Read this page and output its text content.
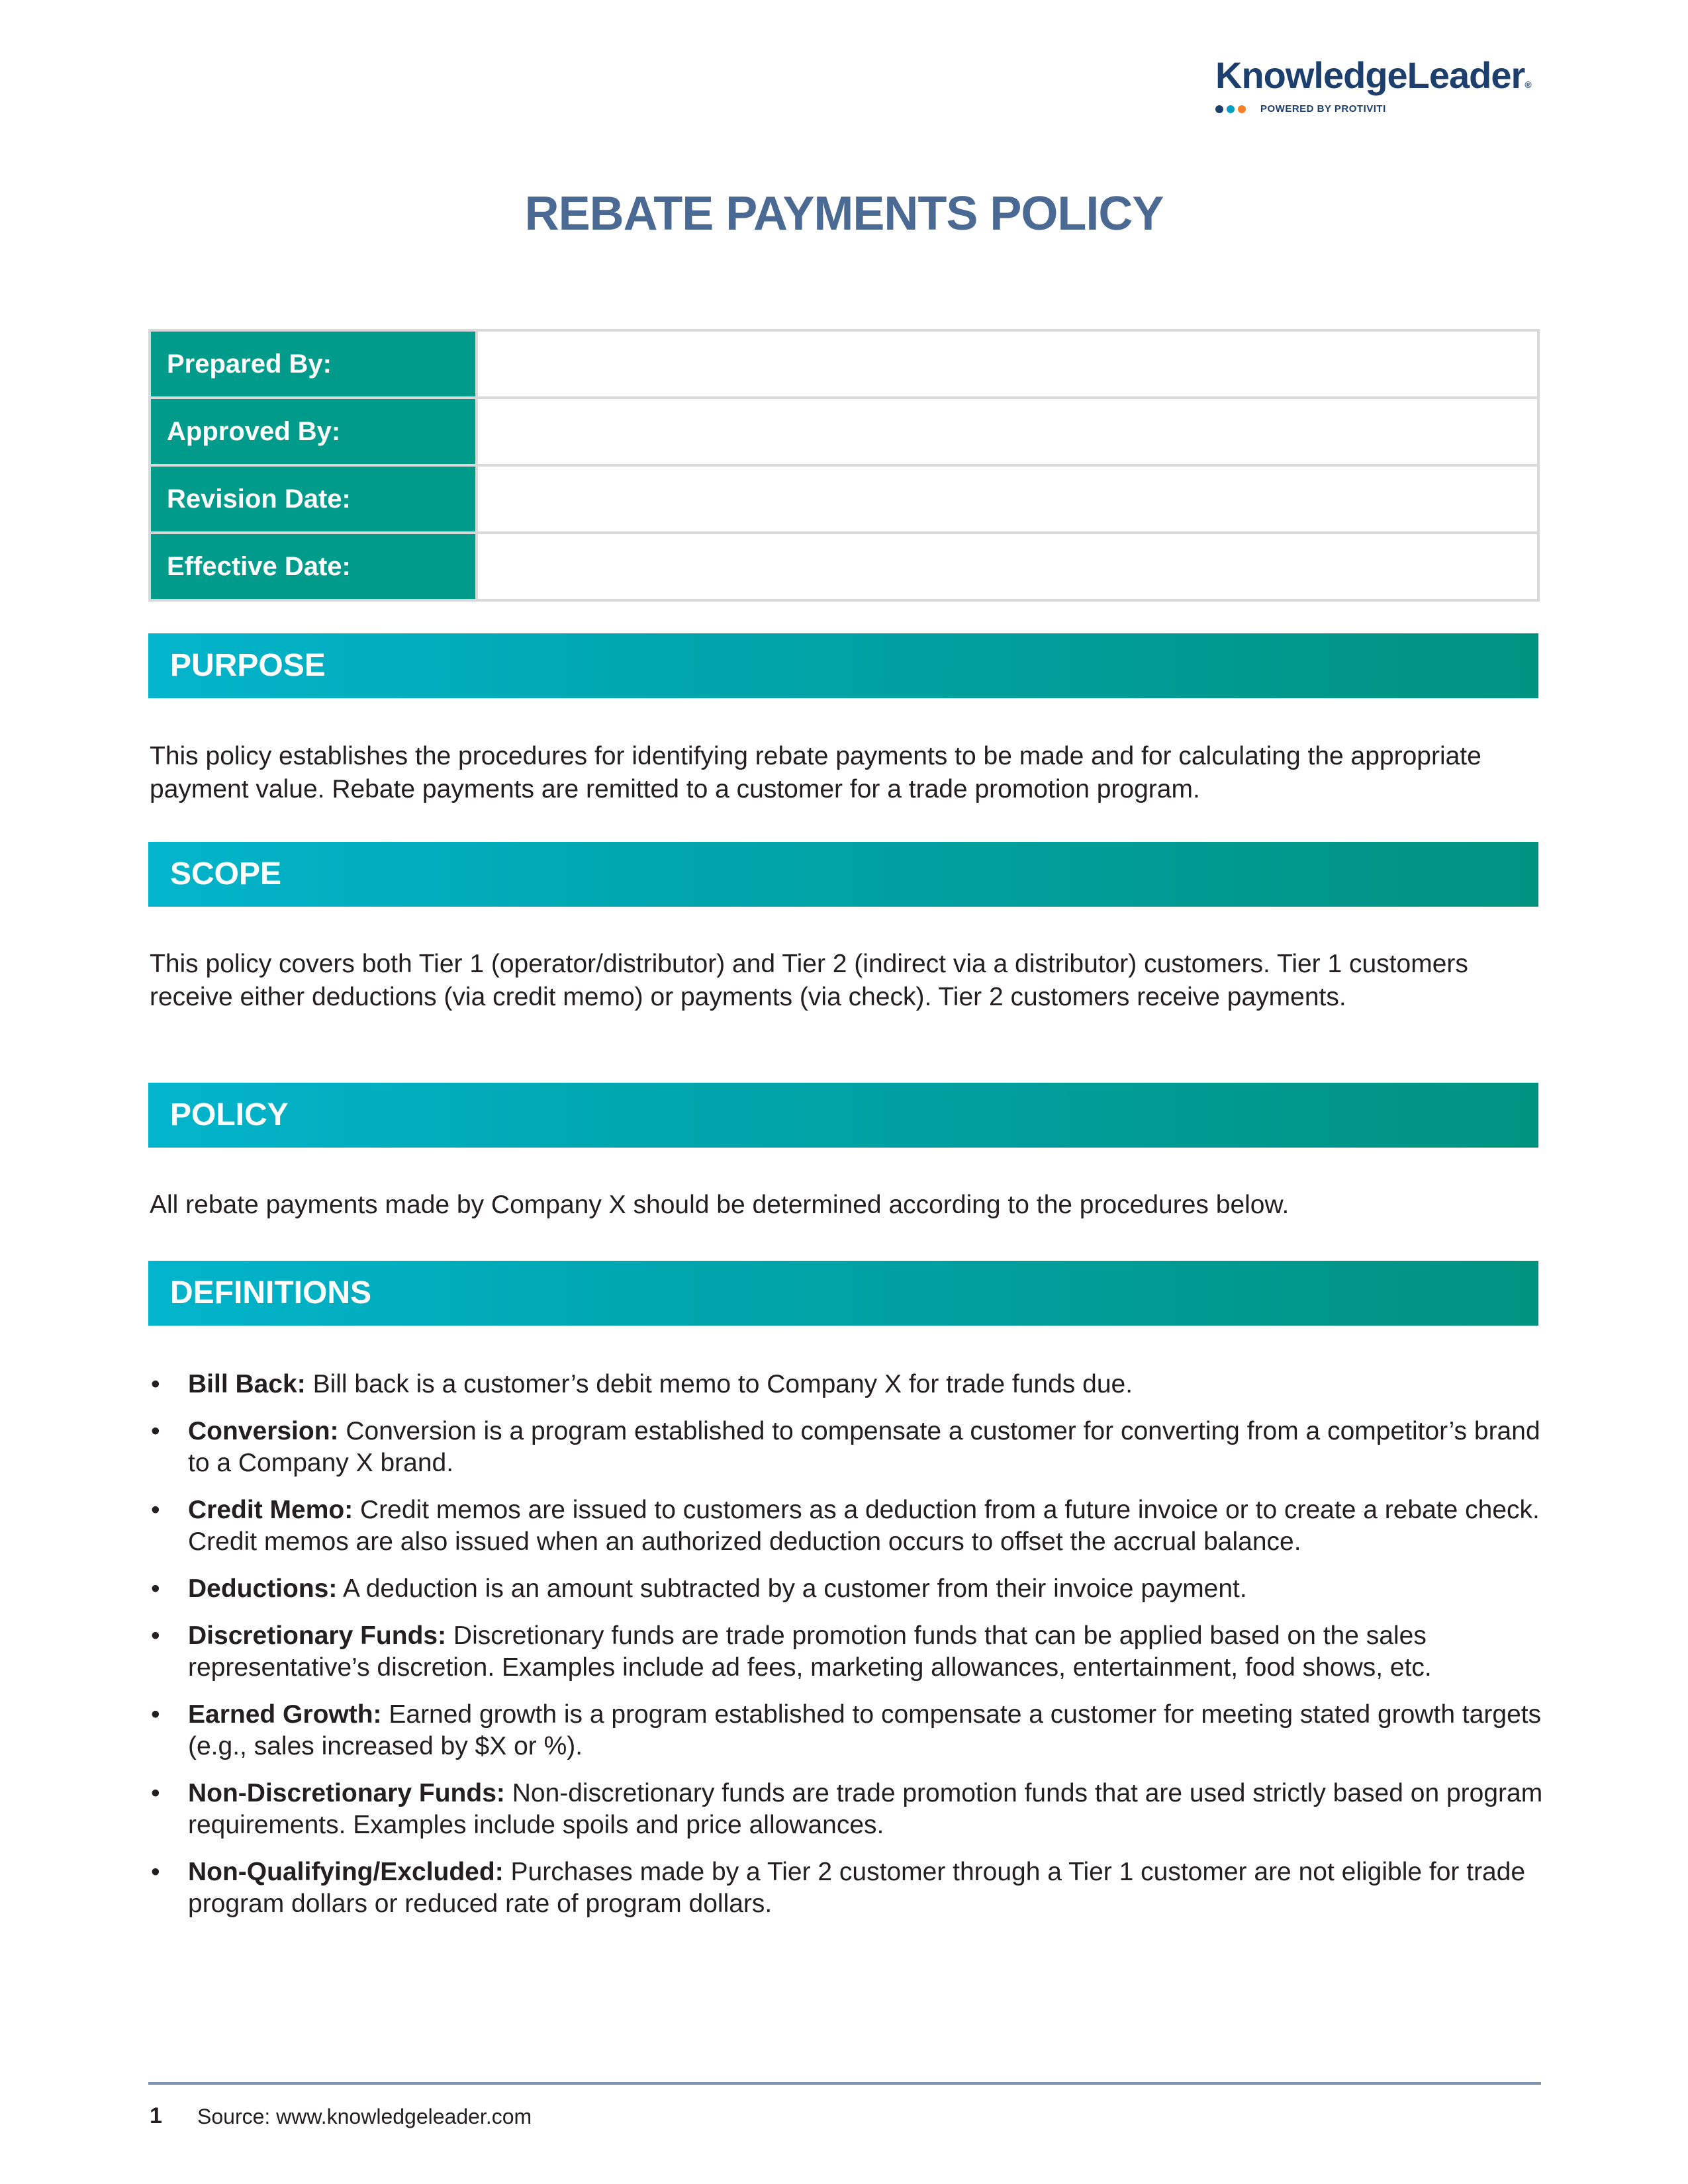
KnowledgeLeader®
POWERED BY PROTIVITI
REBATE PAYMENTS POLICY
Prepared By:	
Approved By:	
Revision Date:	
Effective Date:	
PURPOSE
This policy establishes the procedures for identifying rebate payments to be made and for calculating the appropriate payment value. Rebate payments are remitted to a customer for a trade promotion program.
SCOPE
This policy covers both Tier 1 (operator/distributor) and Tier 2 (indirect via a distributor) customers. Tier 1 customers receive either deductions (via credit memo) or payments (via check). Tier 2 customers receive payments.
POLICY
All rebate payments made by Company X should be determined according to the procedures below.
DEFINITIONS
• Bill Back: Bill back is a customer’s debit memo to Company X for trade funds due.
• Conversion: Conversion is a program established to compensate a customer for converting from a competitor’s brand to a Company X brand.
• Credit Memo: Credit memos are issued to customers as a deduction from a future invoice or to create a rebate check. Credit memos are also issued when an authorized deduction occurs to offset the accrual balance.
• Deductions: A deduction is an amount subtracted by a customer from their invoice payment.
• Discretionary Funds: Discretionary funds are trade promotion funds that can be applied based on the sales representative’s discretion. Examples include ad fees, marketing allowances, entertainment, food shows, etc.
• Earned Growth: Earned growth is a program established to compensate a customer for meeting stated growth targets (e.g., sales increased by $X or %).
• Non-Discretionary Funds: Non-discretionary funds are trade promotion funds that are used strictly based on program requirements. Examples include spoils and price allowances.
• Non-Qualifying/Excluded: Purchases made by a Tier 2 customer through a Tier 1 customer are not eligible for trade program dollars or reduced rate of program dollars.
1 Source: www.knowledgeleader.com
